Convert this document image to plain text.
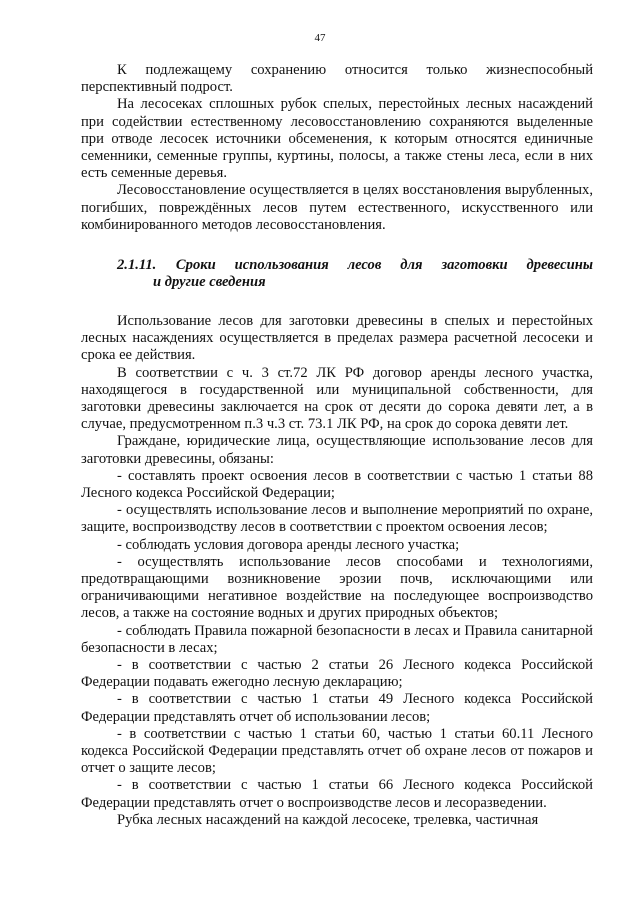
47

К подлежащему сохранению относится только жизнеспособный перспективный подрост.

На лесосеках сплошных рубок спелых, перестойных лесных насаждений при содействии естественному лесовосстановлению сохраняются выделенные при отводе лесосек источники обсеменения, к которым относятся единичные семенники, семенные группы, куртины, полосы, а также стены леса, если в них есть семенные деревья.

Лесовосстановление осуществляется в целях восстановления вырубленных, погибших, повреждённых лесов путем естественного, искусственного или комбинированного методов лесовосстановления.

2.1.11. Сроки использования лесов для заготовки древесины
и другие сведения

Использование лесов для заготовки древесины в спелых и перестойных лесных насаждениях осуществляется в пределах размера расчетной лесосеки и срока ее действия.

В соответствии с ч. 3 ст.72 ЛК РФ договор аренды лесного участка, находящегося в государственной или муниципальной собственности, для заготовки древесины заключается на срок от десяти до сорока девяти лет, а в случае, предусмотренном п.3 ч.3 ст. 73.1 ЛК РФ, на срок до сорока девяти лет.

Граждане, юридические лица, осуществляющие использование лесов для заготовки древесины, обязаны:

- составлять проект освоения лесов в соответствии с частью 1 статьи 88 Лесного кодекса Российской Федерации;

- осуществлять использование лесов и выполнение мероприятий по охране, защите, воспроизводству лесов в соответствии с проектом освоения лесов;

- соблюдать условия договора аренды лесного участка;

- осуществлять использование лесов способами и технологиями, предотвращающими возникновение эрозии почв, исключающими или ограничивающими негативное воздействие на последующее воспроизводство лесов, а также на состояние водных и других природных объектов;

- соблюдать Правила пожарной безопасности в лесах и Правила санитарной безопасности в лесах;

- в соответствии с частью 2 статьи 26 Лесного кодекса Российской Федерации подавать ежегодно лесную декларацию;

- в соответствии с частью 1 статьи 49 Лесного кодекса Российской Федерации представлять отчет об использовании лесов;

- в соответствии с частью 1 статьи 60, частью 1 статьи 60.11 Лесного кодекса Российской Федерации представлять отчет об охране лесов от пожаров и отчет о защите лесов;

- в соответствии с частью 1 статьи 66 Лесного кодекса Российской Федерации представлять отчет о воспроизводстве лесов и лесоразведении.

Рубка лесных насаждений на каждой лесосеке, трелевка, частичная
